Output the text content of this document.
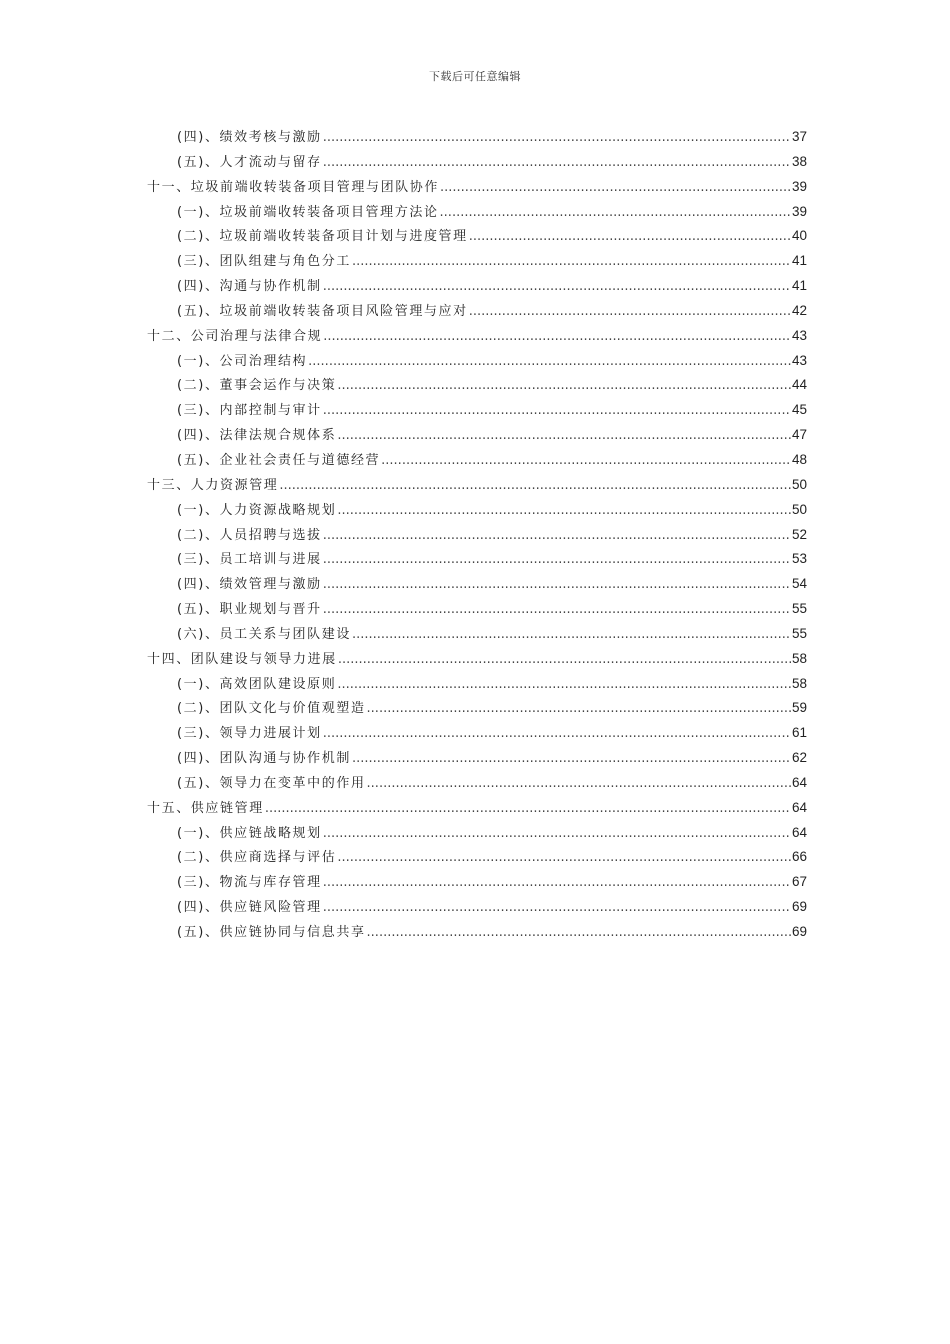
下载后可任意编辑
(四)、绩效考核与激励 .....	37
(五)、人才流动与留存 .....	38
十一、垃圾前端收转装备项目管理与团队协作 .....	39
(一)、垃圾前端收转装备项目管理方法论 .....	39
(二)、垃圾前端收转装备项目计划与进度管理 .....	40
(三)、团队组建与角色分工 .....	41
(四)、沟通与协作机制 .....	41
(五)、垃圾前端收转装备项目风险管理与应对 .....	42
十二、公司治理与法律合规 .....	43
(一)、公司治理结构 .....	43
(二)、董事会运作与决策 .....	44
(三)、内部控制与审计 .....	45
(四)、法律法规合规体系 .....	47
(五)、企业社会责任与道德经营 .....	48
十三、人力资源管理 .....	50
(一)、人力资源战略规划 .....	50
(二)、人员招聘与选拔 .....	52
(三)、员工培训与进展 .....	53
(四)、绩效管理与激励 .....	54
(五)、职业规划与晋升 .....	55
(六)、员工关系与团队建设 .....	55
十四、团队建设与领导力进展 .....	58
(一)、高效团队建设原则 .....	58
(二)、团队文化与价值观塑造 .....	59
(三)、领导力进展计划 .....	61
(四)、团队沟通与协作机制 .....	62
(五)、领导力在变革中的作用 .....	64
十五、供应链管理 .....	64
(一)、供应链战略规划 .....	64
(二)、供应商选择与评估 .....	66
(三)、物流与库存管理 .....	67
(四)、供应链风险管理 .....	69
(五)、供应链协同与信息共享 .....	69
